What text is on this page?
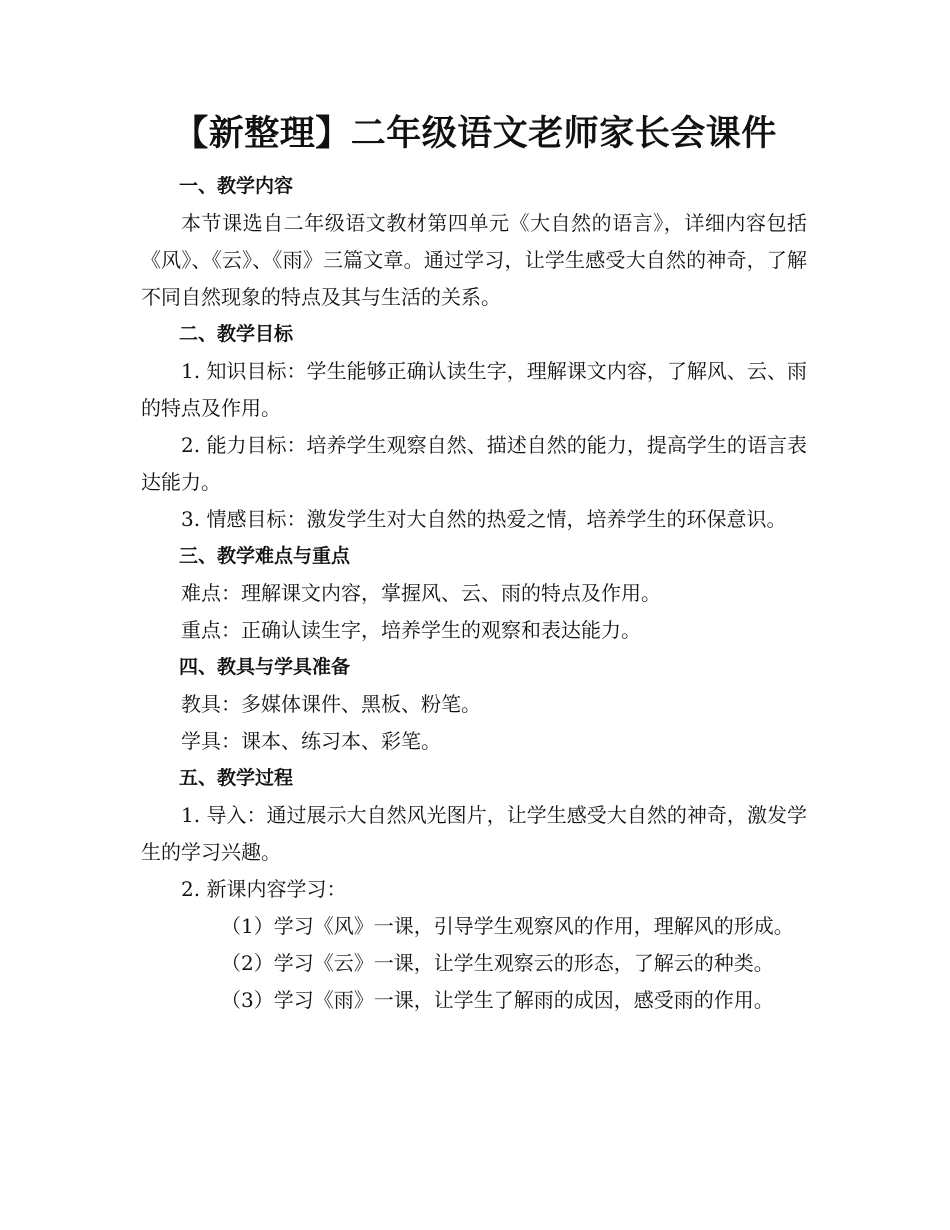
【新整理】二年级语文老师家长会课件

一、教学内容

本节课选自二年级语文教材第四单元《大自然的语言》，详细内容包括《风》、《云》、《雨》三篇文章。通过学习，让学生感受大自然的神奇，了解不同自然现象的特点及其与生活的关系。

二、教学目标

1. 知识目标：学生能够正确认读生字，理解课文内容，了解风、云、雨的特点及作用。

2. 能力目标：培养学生观察自然、描述自然的能力，提高学生的语言表达能力。

3. 情感目标：激发学生对大自然的热爱之情，培养学生的环保意识。

三、教学难点与重点

难点：理解课文内容，掌握风、云、雨的特点及作用。

重点：正确认读生字，培养学生的观察和表达能力。

四、教具与学具准备

教具：多媒体课件、黑板、粉笔。

学具：课本、练习本、彩笔。

五、教学过程

1. 导入：通过展示大自然风光图片，让学生感受大自然的神奇，激发学生的学习兴趣。

2. 新课内容学习：

（1）学习《风》一课，引导学生观察风的作用，理解风的形成。

（2）学习《云》一课，让学生观察云的形态，了解云的种类。

（3）学习《雨》一课，让学生了解雨的成因，感受雨的作用。
